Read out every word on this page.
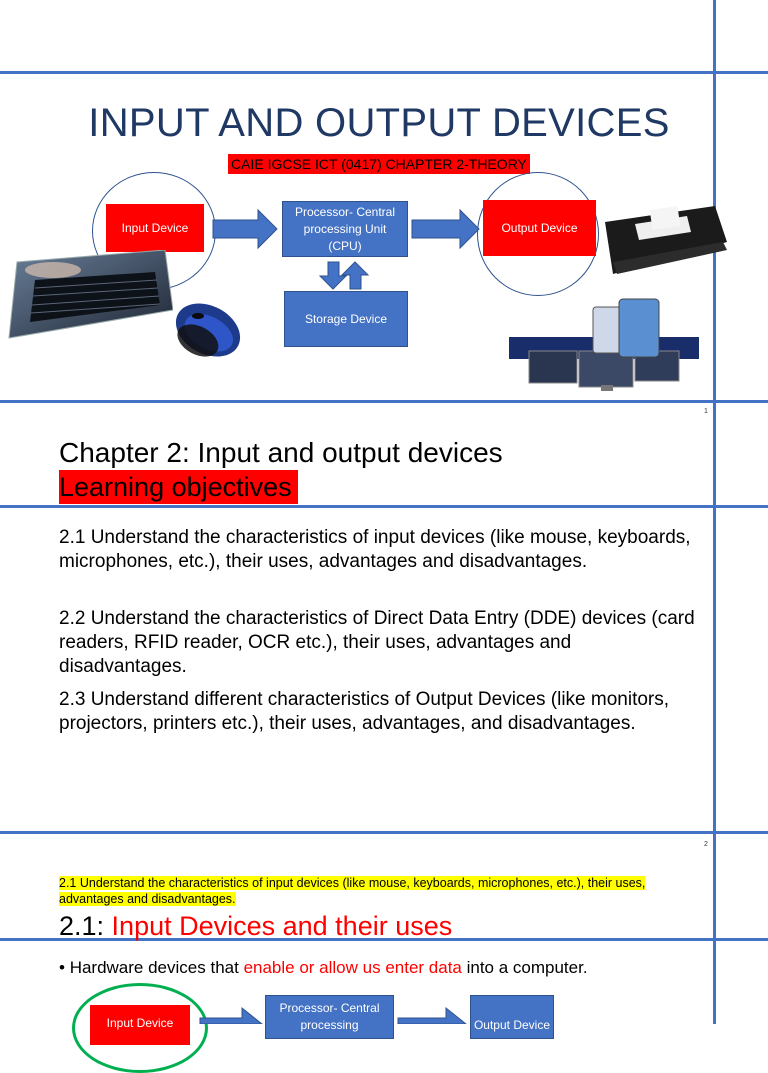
INPUT AND OUTPUT DEVICES
CAIE IGCSE ICT (0417) CHAPTER 2-THEORY
Input Device
Processor- Central processing Unit (CPU)
Output Device
Storage Device
1
Chapter 2: Input and output devices
Learning objectives
2.1 Understand the characteristics of input devices (like mouse, keyboards, microphones, etc.), their uses, advantages and disadvantages.
2.2 Understand the characteristics of Direct Data Entry (DDE) devices (card readers, RFID reader, OCR etc.), their uses, advantages and disadvantages.
2.3 Understand different characteristics of Output Devices (like monitors, projectors, printers etc.), their uses, advantages, and disadvantages.
2
2.1 Understand the characteristics of input devices (like mouse, keyboards, microphones, etc.), their uses, advantages and disadvantages.
2.1: Input Devices and their uses
• Hardware devices that enable or allow us enter data into a computer.
Input Device
Processor- Central processing	Output Device
